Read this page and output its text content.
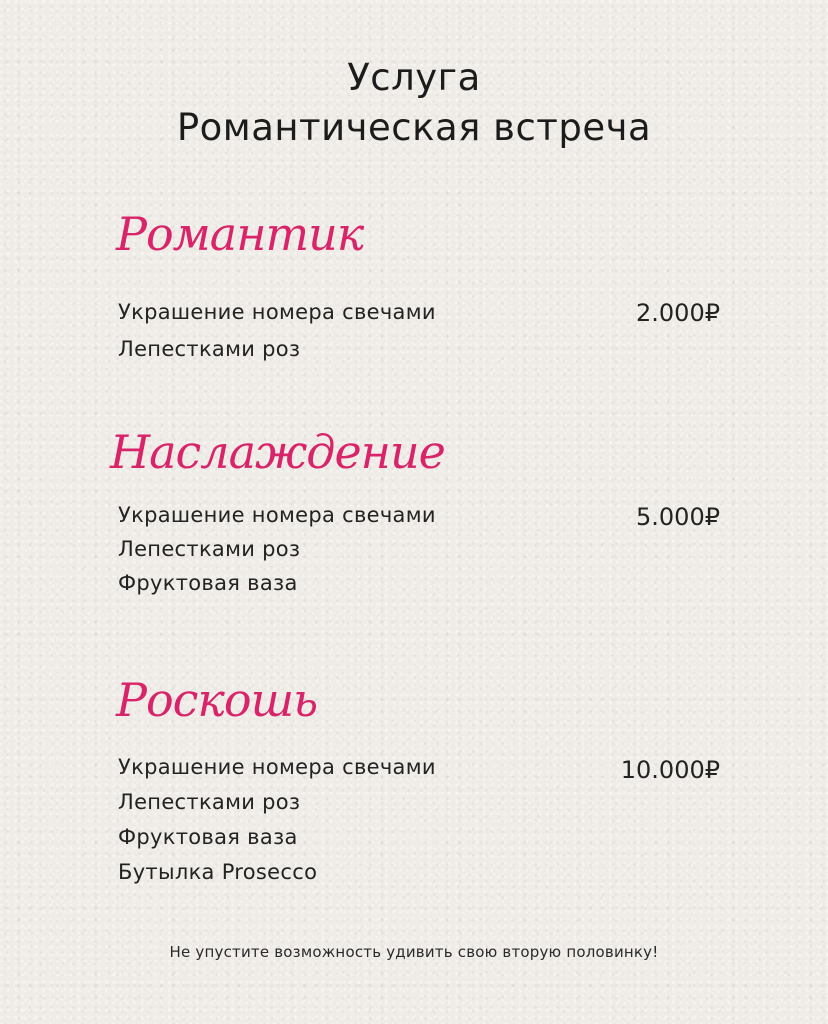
Услуга
Романтическая встреча
Романтик
Украшение номера свечами
Лепестками роз
2.000₽
Наслаждение
Украшение номера свечами
Лепестками роз
Фруктовая ваза
5.000₽
Роскошь
Украшение номера свечами
Лепестками роз
Фруктовая ваза
Бутылка Prosecco
10.000₽
Не упустите возможность удивить свою вторую половинку!
